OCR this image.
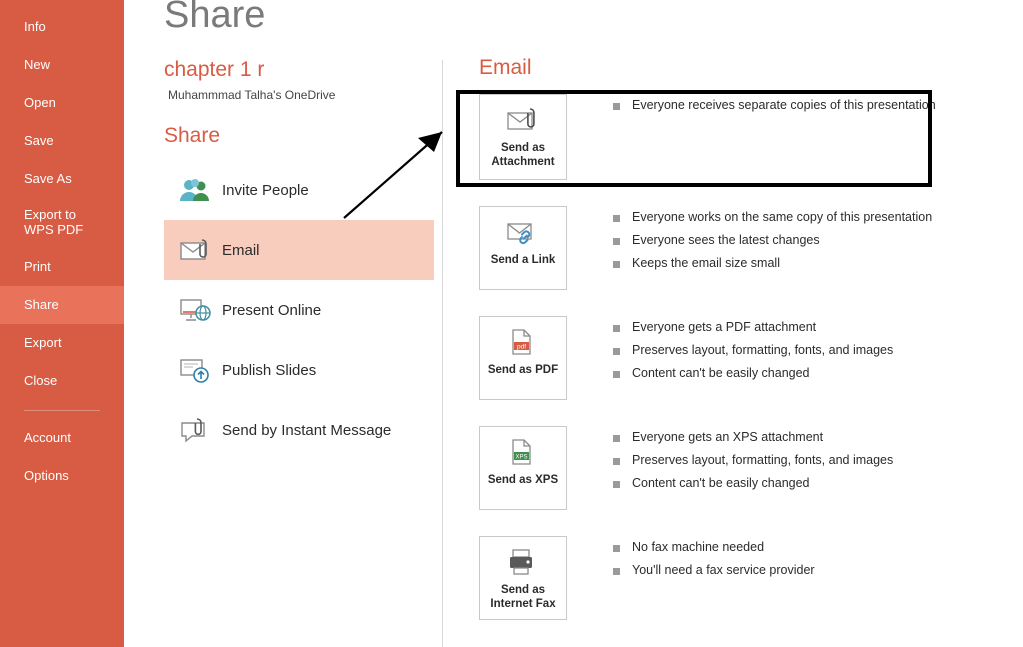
Info
New
Open
Save
Save As
Export to WPS PDF
Print
Share
Export
Close
Account
Options
Share
chapter 1 r
Muhammmad Talha's OneDrive
Share
Invite People
Email
Present Online
Publish Slides
Send by Instant Message
Email
Send as Attachment
Everyone receives separate copies of this presentation
Send a Link
Everyone works on the same copy of this presentation
Everyone sees the latest changes
Keeps the email size small
pdf
Send as PDF
Everyone gets a PDF attachment
Preserves layout, formatting, fonts, and images
Content can't be easily changed
XPS
Send as XPS
Everyone gets an XPS attachment
Preserves layout, formatting, fonts, and images
Content can't be easily changed
Send as Internet Fax
No fax machine needed
You'll need a fax service provider
